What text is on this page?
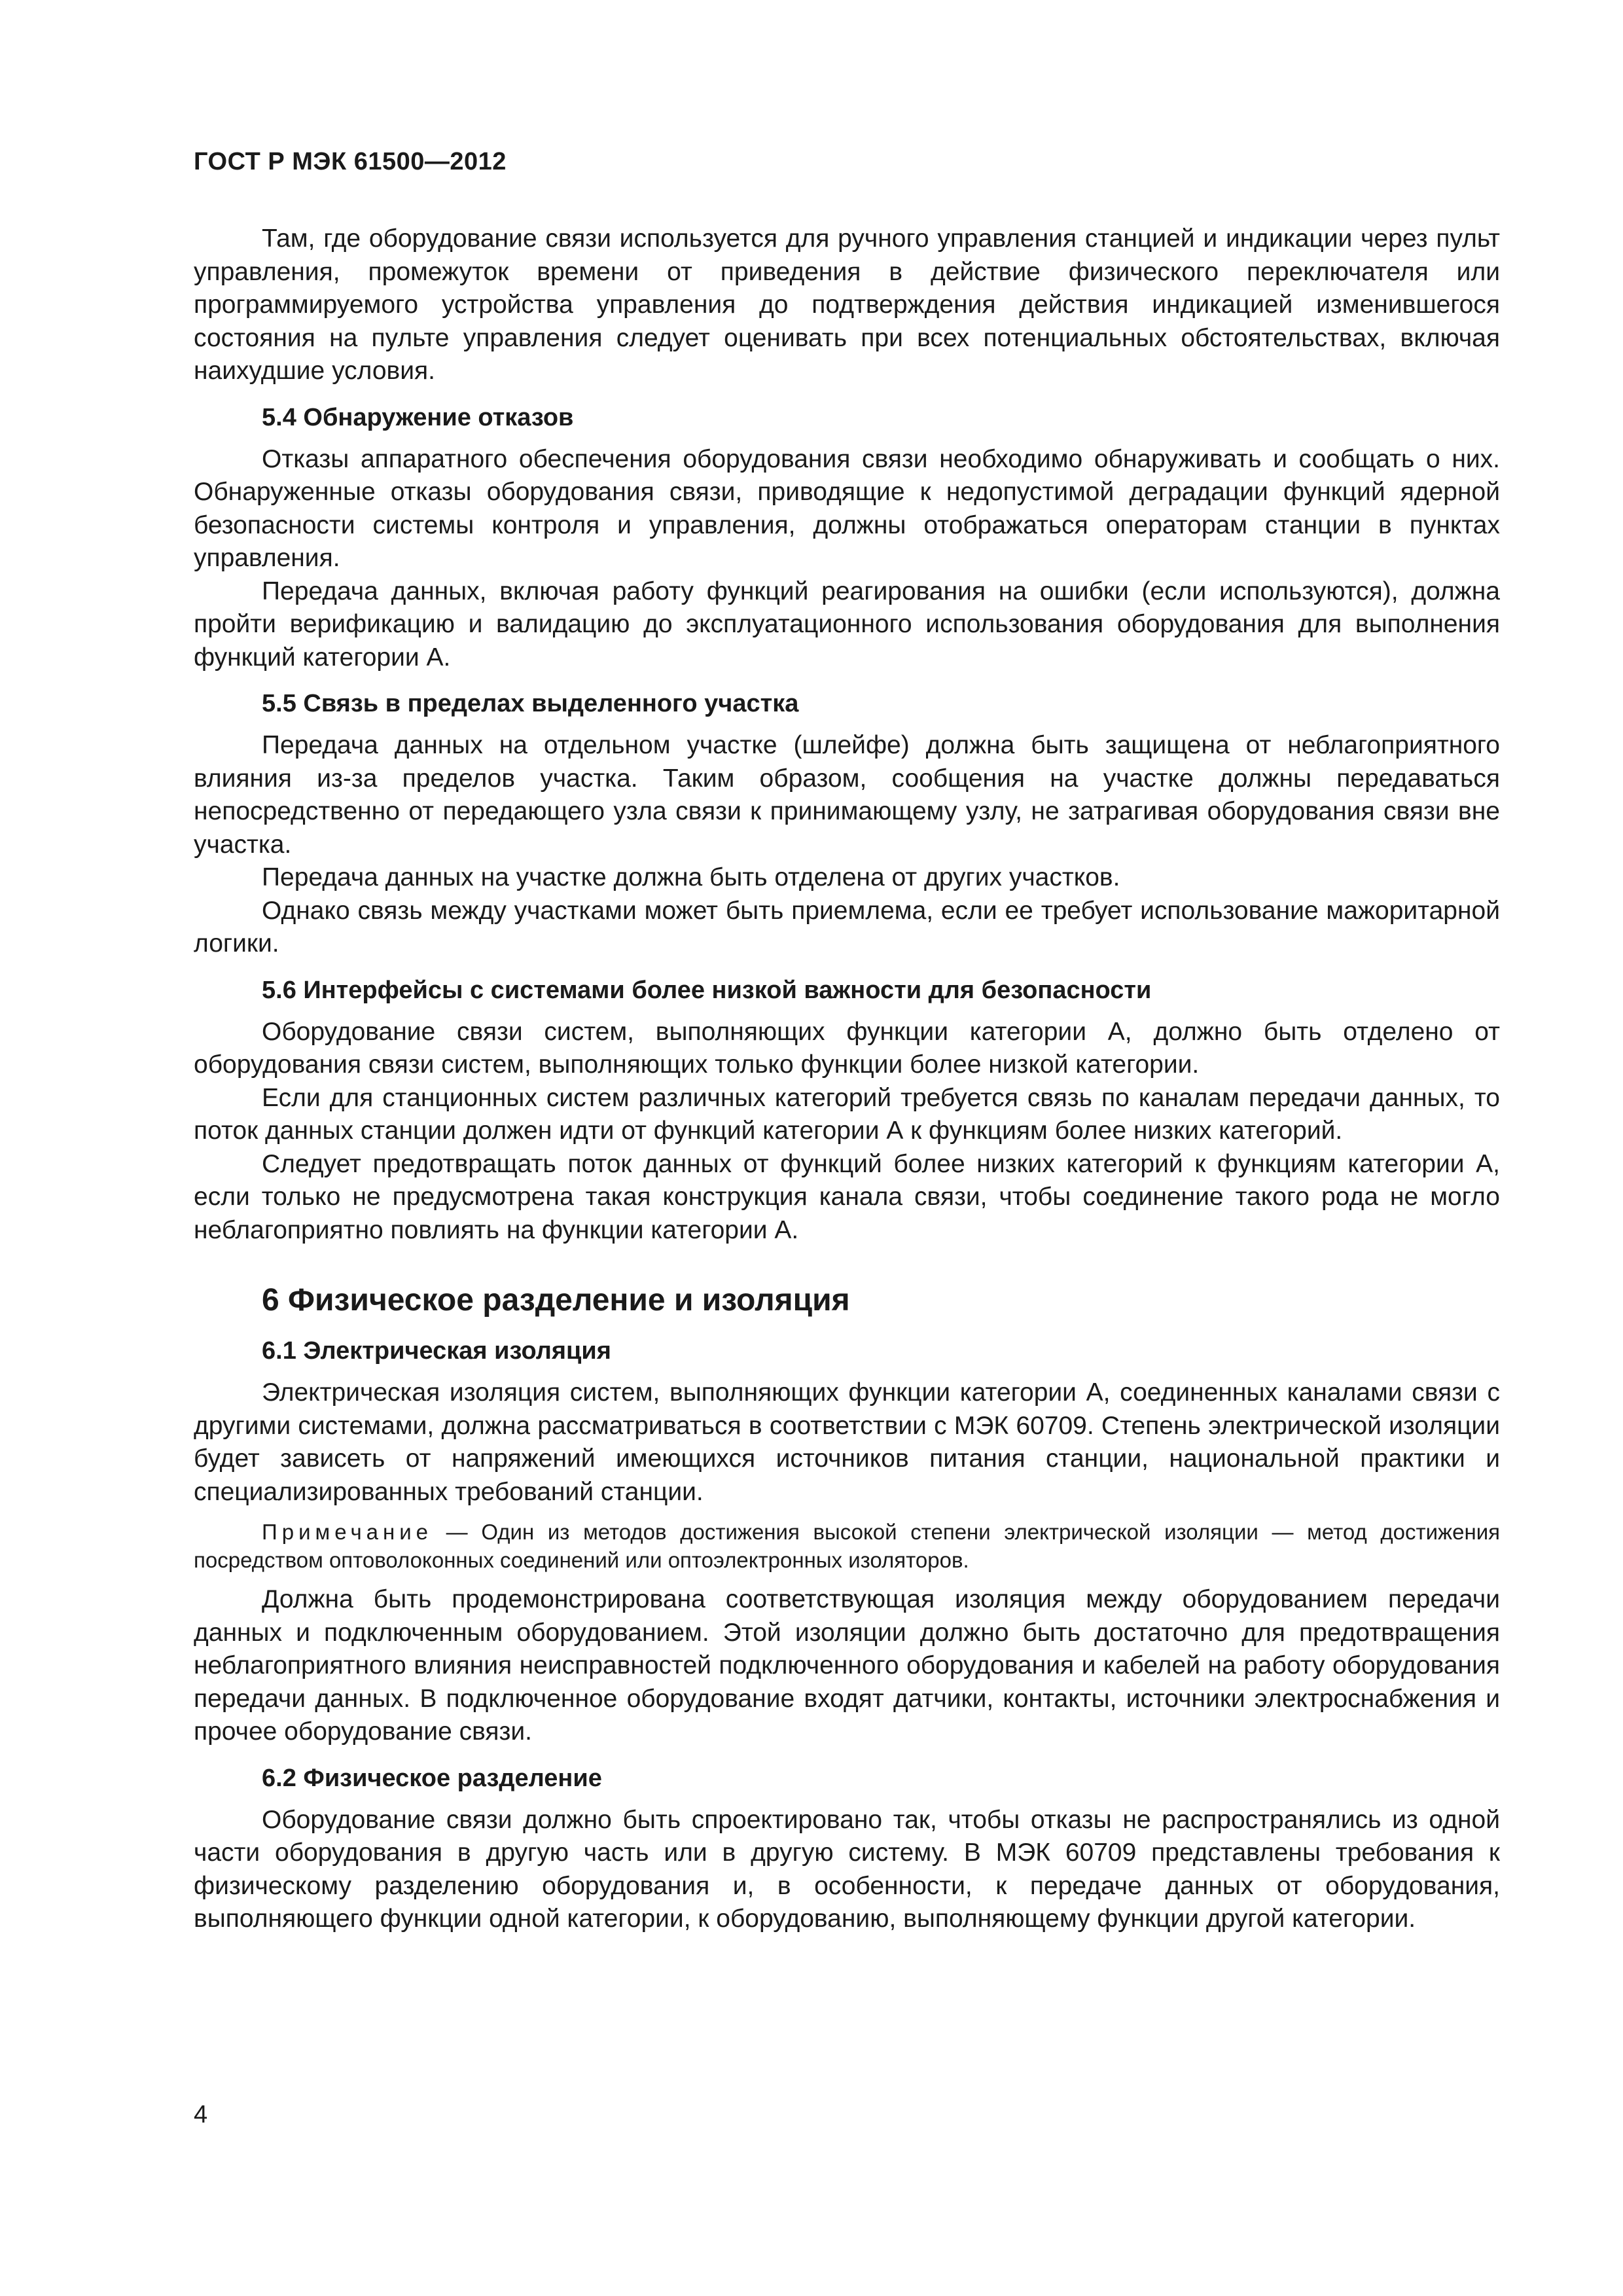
ГОСТ Р МЭК 61500—2012

Там, где оборудование связи используется для ручного управления станцией и индикации через пульт управления, промежуток времени от приведения в действие физического переключателя или программируемого устройства управления до подтверждения действия индикацией изменившегося состояния на пульте управления следует оценивать при всех потенциальных обстоятельствах, включая наихудшие условия.

5.4 Обнаружение отказов

Отказы аппаратного обеспечения оборудования связи необходимо обнаруживать и сообщать о них. Обнаруженные отказы оборудования связи, приводящие к недопустимой деградации функций ядерной безопасности системы контроля и управления, должны отображаться операторам станции в пунктах управления.

Передача данных, включая работу функций реагирования на ошибки (если используются), должна пройти верификацию и валидацию до эксплуатационного использования оборудования для выполнения функций категории А.

5.5 Связь в пределах выделенного участка

Передача данных на отдельном участке (шлейфе) должна быть защищена от неблагоприятного влияния из-за пределов участка. Таким образом, сообщения на участке должны передаваться непосредственно от передающего узла связи к принимающему узлу, не затрагивая оборудования связи вне участка.

Передача данных на участке должна быть отделена от других участков.

Однако связь между участками может быть приемлема, если ее требует использование мажоритарной логики.

5.6 Интерфейсы с системами более низкой важности для безопасности

Оборудование связи систем, выполняющих функции категории А, должно быть отделено от оборудования связи систем, выполняющих только функции более низкой категории.

Если для станционных систем различных категорий требуется связь по каналам передачи данных, то поток данных станции должен идти от функций категории А к функциям более низких категорий.

Следует предотвращать поток данных от функций более низких категорий к функциям категории А, если только не предусмотрена такая конструкция канала связи, чтобы соединение такого рода не могло неблагоприятно повлиять на функции категории А.

6 Физическое разделение и изоляция
6.1 Электрическая изоляция

Электрическая изоляция систем, выполняющих функции категории А, соединенных каналами связи с другими системами, должна рассматриваться в соответствии с МЭК 60709. Степень электрической изоляции будет зависеть от напряжений имеющихся источников питания станции, национальной практики и специализированных требований станции.

Примечание — Один из методов достижения высокой степени электрической изоляции — метод достижения посредством оптоволоконных соединений или оптоэлектронных изоляторов.

Должна быть продемонстрирована соответствующая изоляция между оборудованием передачи данных и подключенным оборудованием. Этой изоляции должно быть достаточно для предотвращения неблагоприятного влияния неисправностей подключенного оборудования и кабелей на работу оборудования передачи данных. В подключенное оборудование входят датчики, контакты, источники электроснабжения и прочее оборудование связи.

6.2 Физическое разделение

Оборудование связи должно быть спроектировано так, чтобы отказы не распространялись из одной части оборудования в другую часть или в другую систему. В МЭК 60709 представлены требования к физическому разделению оборудования и, в особенности, к передаче данных от оборудования, выполняющего функции одной категории, к оборудованию, выполняющему функции другой категории.

4
